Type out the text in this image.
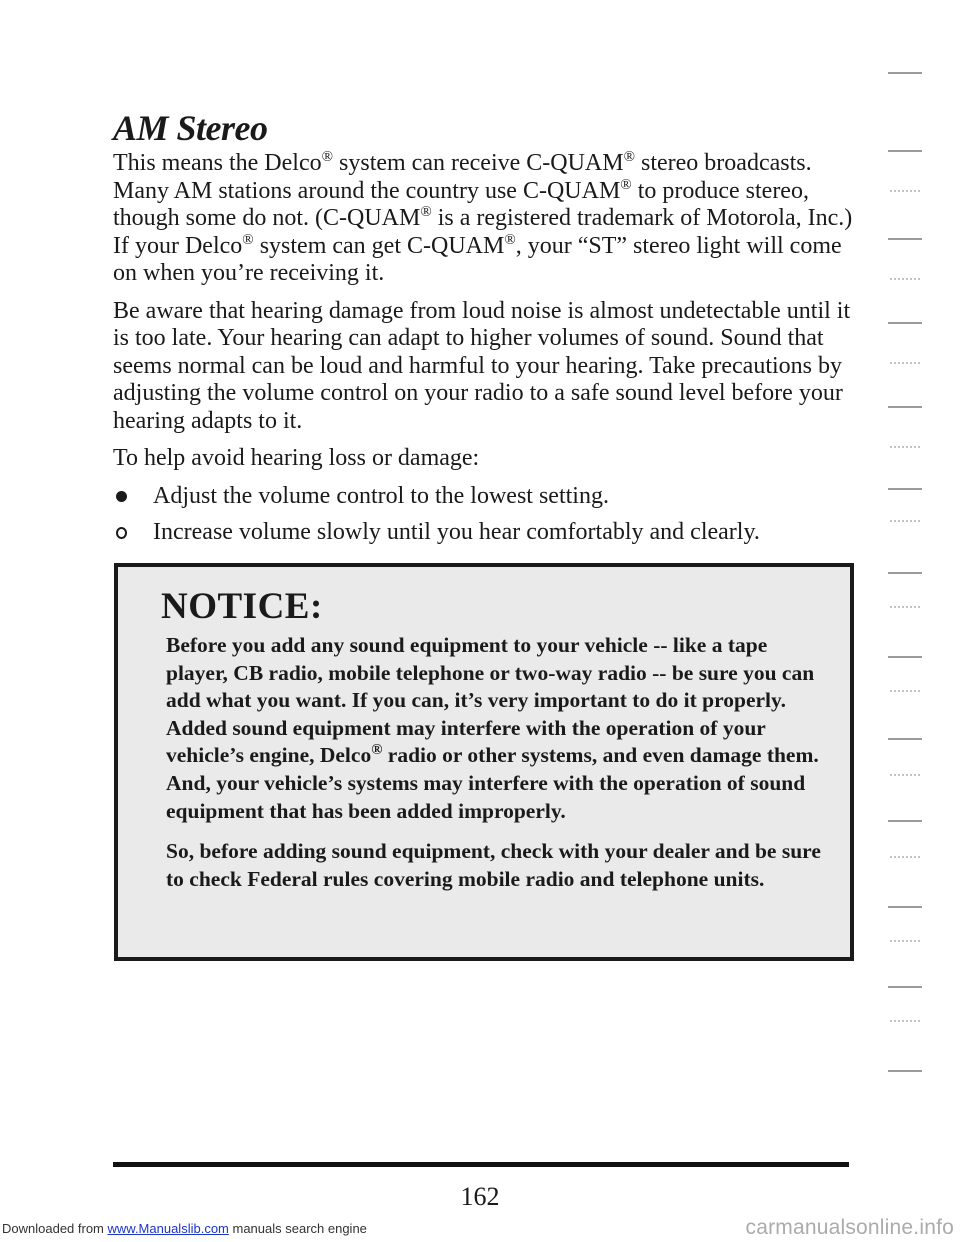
AM Stereo

This means the Delco® system can receive C-QUAM® stereo broadcasts. Many AM stations around the country use C-QUAM® to produce stereo, though some do not. (C-QUAM® is a registered trademark of Motorola, Inc.) If your Delco® system can get C-QUAM®, your “ST” stereo light will come on when you’re receiving it.

Be aware that hearing damage from loud noise is almost undetectable until it is too late. Your hearing can adapt to higher volumes of sound. Sound that seems normal can be loud and harmful to your hearing. Take precautions by adjusting the volume control on your radio to a safe sound level before your hearing adapts to it.

To help avoid hearing loss or damage:

Adjust the volume control to the lowest setting.
Increase volume slowly until you hear comfortably and clearly.
NOTICE:

Before you add any sound equipment to your vehicle -- like a tape player, CB radio, mobile telephone or two-way radio -- be sure you can add what you want. If you can, it’s very important to do it properly. Added sound equipment may interfere with the operation of your vehicle’s engine, Delco® radio or other systems, and even damage them. And, your vehicle’s systems may interfere with the operation of sound equipment that has been added improperly.

So, before adding sound equipment, check with your dealer and be sure to check Federal rules covering mobile radio and telephone units.

162

Downloaded from www.Manualslib.com manuals search engine	carmanualsonline.info
